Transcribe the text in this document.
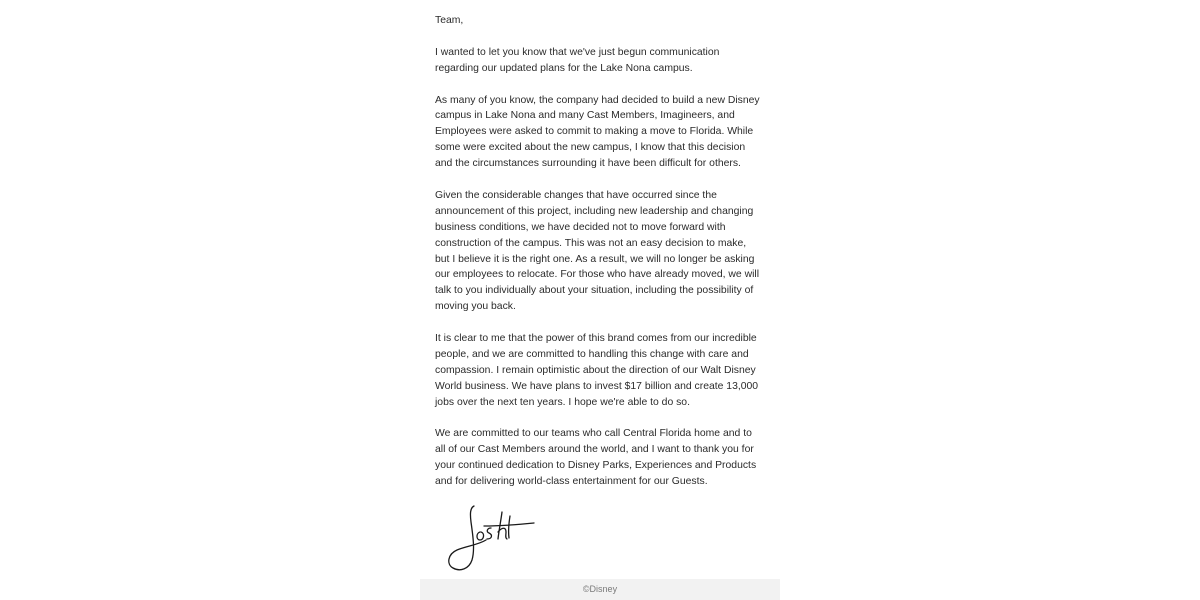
Team,

I wanted to let you know that we've just begun communication
regarding our updated plans for the Lake Nona campus.

As many of you know, the company had decided to build a new Disney
campus in Lake Nona and many Cast Members, Imagineers, and
Employees were asked to commit to making a move to Florida. While
some were excited about the new campus, I know that this decision
and the circumstances surrounding it have been difficult for others.

Given the considerable changes that have occurred since the
announcement of this project, including new leadership and changing
business conditions, we have decided not to move forward with
construction of the campus. This was not an easy decision to make,
but I believe it is the right one. As a result, we will no longer be asking
our employees to relocate. For those who have already moved, we will
talk to you individually about your situation, including the possibility of
moving you back.

It is clear to me that the power of this brand comes from our incredible
people, and we are committed to handling this change with care and
compassion. I remain optimistic about the direction of our Walt Disney
World business. We have plans to invest $17 billion and create 13,000
jobs over the next ten years. I hope we're able to do so.

We are committed to our teams who call Central Florida home and to
all of our Cast Members around the world, and I want to thank you for
your continued dedication to Disney Parks, Experiences and Products
and for delivering world-class entertainment for our Guests.

©Disney
